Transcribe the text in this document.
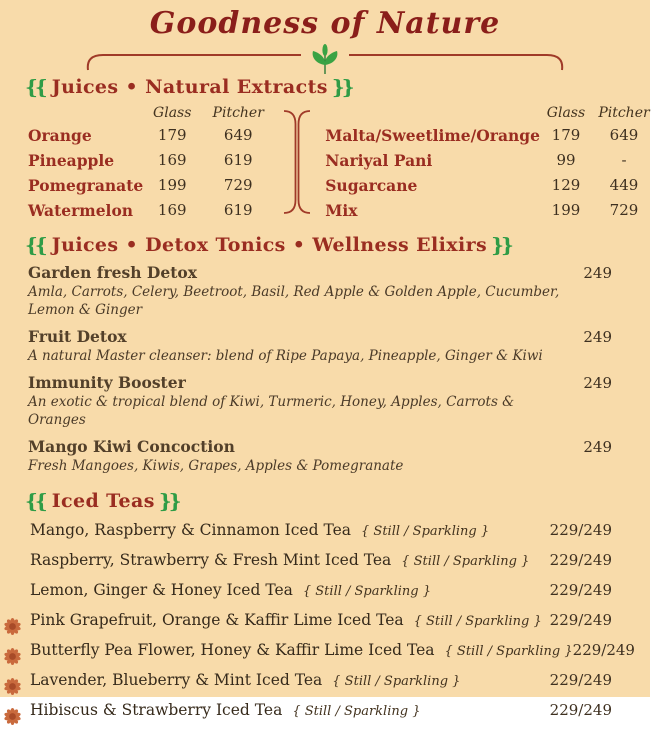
Goodness of Nature
{{ Juices • Natural Extracts }}
Glass	Pitcher
Orange	179	649
Pineapple	169	619
Pomegranate 199	729
Watermelon	169	619
Glass Pitcher
Malta/Sweetlime/Orange 179	649
Nariyal Pani	99	-
Sugarcane	129	449
Mix	199	729
{{ Juices • Detox Tonics • Wellness Elixirs }}
Garden fresh Detox
Amla, Carrots, Celery, Beetroot, Basil, Red Apple & Golden Apple, Cucumber, Lemon & Ginger
249
Fruit Detox
A natural Master cleanser: blend of Ripe Papaya, Pineapple, Ginger & Kiwi
249
Immunity Booster
An exotic & tropical blend of Kiwi, Turmeric, Honey, Apples, Carrots & Oranges
249
Mango Kiwi Concoction
Fresh Mangoes, Kiwis, Grapes, Apples & Pomegranate
249
{{ Iced Teas }}
Mango, Raspberry & Cinnamon Iced Tea { Still / Sparkling }	229/249
Raspberry, Strawberry & Fresh Mint Iced Tea { Still / Sparkling } 229/249
Lemon, Ginger & Honey Iced Tea { Still / Sparkling }	229/249
Pink Grapefruit, Orange & Kaffir Lime Iced Tea { Still / Sparkling } 229/249
Butterfly Pea Flower, Honey & Kaffir Lime Iced Tea { Still / Sparkling } 229/249
Lavender, Blueberry & Mint Iced Tea { Still / Sparkling }	229/249
Hibiscus & Strawberry Iced Tea { Still / Sparkling }	229/249
